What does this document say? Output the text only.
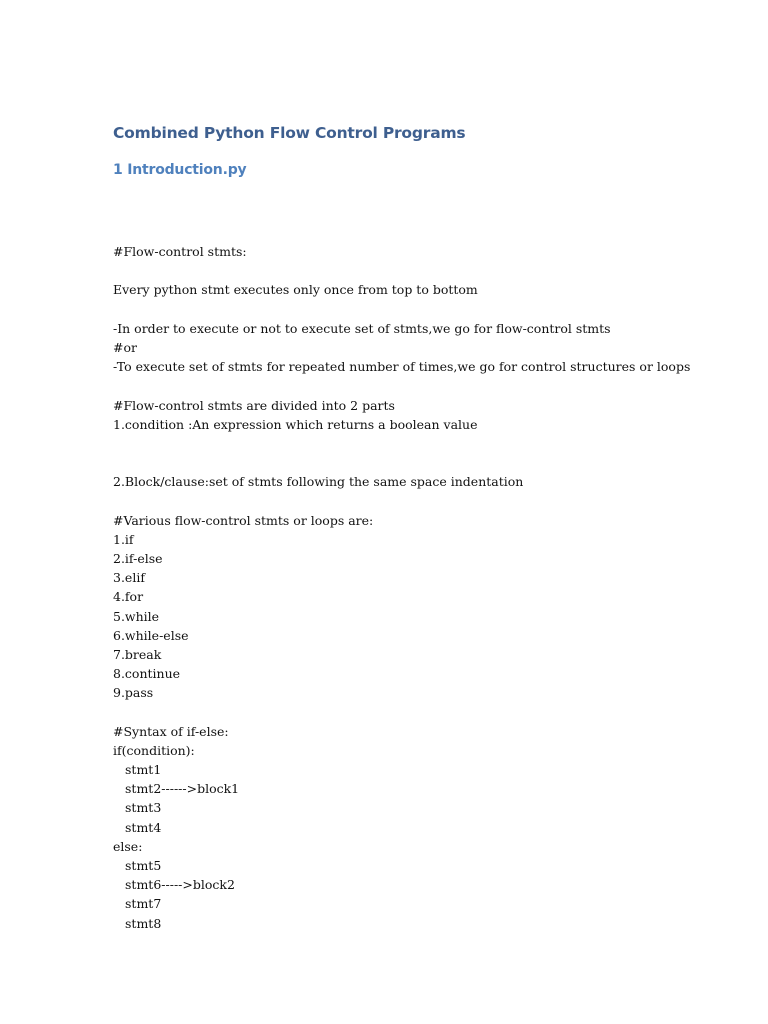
Combined Python Flow Control Programs
1 Introduction.py
#Flow-control stmts:
Every python stmt executes only once from top to bottom
-In order to execute or not to execute set of stmts,we go for flow-control stmts
#or
-To execute set of stmts for repeated number of times,we go for control structures or loops
#Flow-control stmts are divided into 2 parts
1.condition :An expression which returns a boolean value
2.Block/clause:set of stmts following the same space indentation
#Various flow-control stmts or loops are:
1.if
2.if-else
3.elif
4.for
5.while
6.while-else
7.break
8.continue
9.pass
#Syntax of if-else:
if(condition):
stmt1
stmt2------>block1
stmt3
stmt4
else:
stmt5
stmt6----->block2
stmt7
stmt8
